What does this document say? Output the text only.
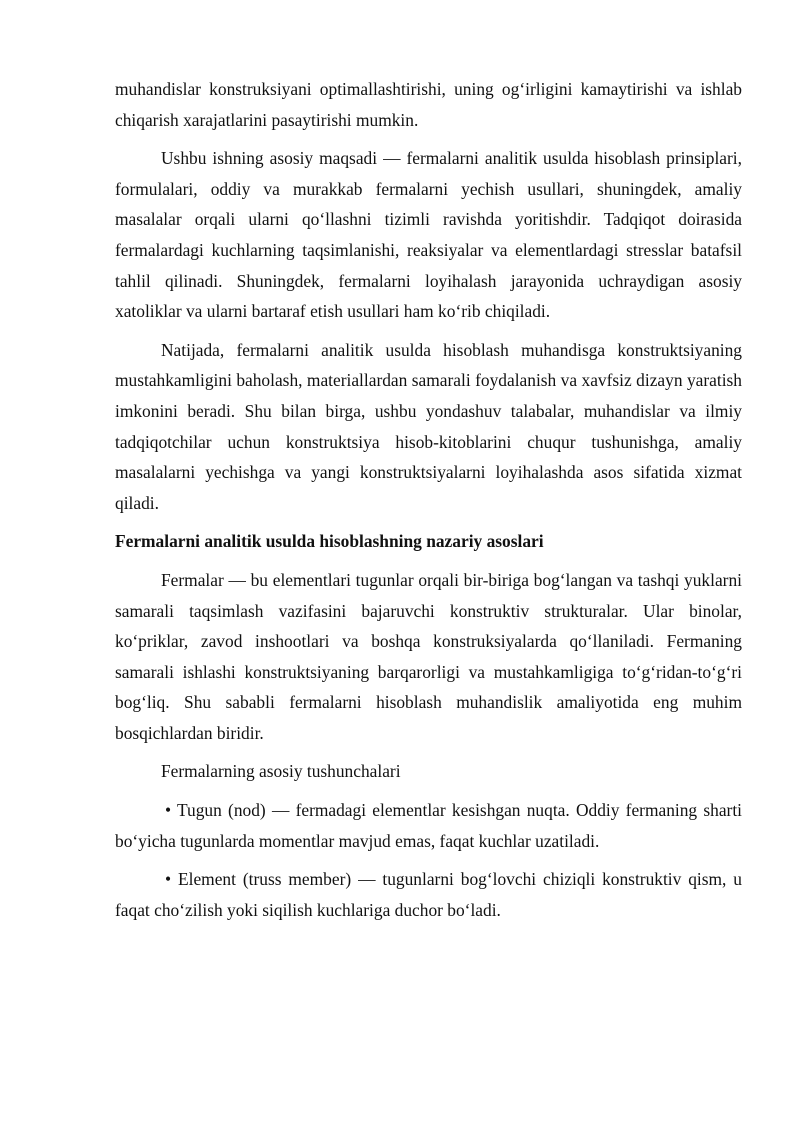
muhandislar konstruksiyani optimallashtirishi, uning og‘irligini kamaytirishi va ishlab chiqarish xarajatlarini pasaytirishi mumkin.

Ushbu ishning asosiy maqsadi — fermalarni analitik usulda hisoblash prinsiplari, formulalari, oddiy va murakkab fermalarni yechish usullari, shuningdek, amaliy masalalar orqali ularni qo‘llashni tizimli ravishda yoritishdir. Tadqiqot doirasida fermalardagi kuchlarning taqsimlanishi, reaksiyalar va elementlardagi stresslar batafsil tahlil qilinadi. Shuningdek, fermalarni loyihalash jarayonida uchraydigan asosiy xatoliklar va ularni bartaraf etish usullari ham ko‘rib chiqiladi.

Natijada, fermalarni analitik usulda hisoblash muhandisga konstruktsiyaning mustahkamligini baholash, materiallardan samarali foydalanish va xavfsiz dizayn yaratish imkonini beradi. Shu bilan birga, ushbu yondashuv talabalar, muhandislar va ilmiy tadqiqotchilar uchun konstruktsiya hisob-kitoblarini chuqur tushunishga, amaliy masalalarni yechishga va yangi konstruktsiyalarni loyihalashda asos sifatida xizmat qiladi.

Fermalarni analitik usulda hisoblashning nazariy asoslari

Fermalar — bu elementlari tugunlar orqali bir-biriga bog‘langan va tashqi yuklarni samarali taqsimlash vazifasini bajaruvchi konstruktiv strukturalar. Ular binolar, ko‘priklar, zavod inshootlari va boshqa konstruksiyalarda qo‘llaniladi. Fermaning samarali ishlashi konstruktsiyaning barqarorligi va mustahkamligiga to‘g‘ridan-to‘g‘ri bog‘liq. Shu sababli fermalarni hisoblash muhandislik amaliyotida eng muhim bosqichlardan biridir.

Fermalarning asosiy tushunchalari

• Tugun (nod) — fermadagi elementlar kesishgan nuqta. Oddiy fermaning sharti bo‘yicha tugunlarda momentlar mavjud emas, faqat kuchlar uzatiladi.

• Element (truss member) — tugunlarni bog‘lovchi chiziqli konstruktiv qism, u faqat cho‘zilish yoki siqilish kuchlariga duchor bo‘ladi.
